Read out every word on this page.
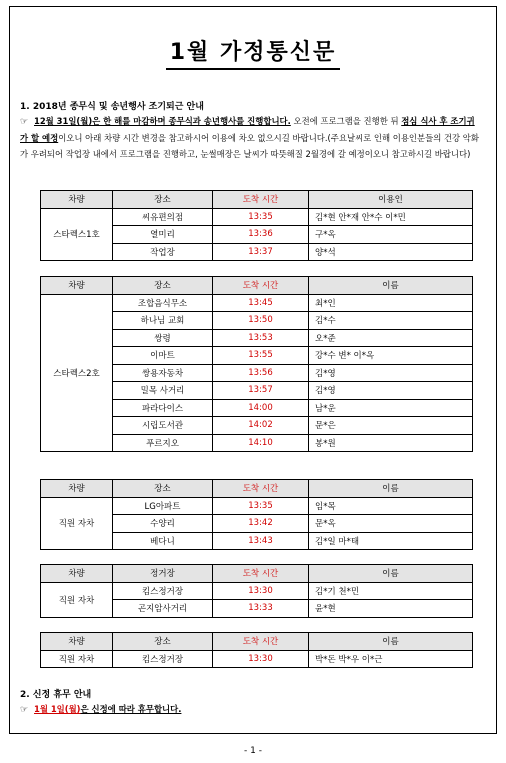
1월 가정통신문
1. 2018년 종무식 및 송년행사 조기퇴근 안내
☞ 12월 31일(월)은 한 해를 마감하며 종무식과 송년행사를 진행합니다. 오전에 프로그램을 진행한 뒤 점심 식사 후 조기귀가 할 예정이오니 아래 차량 시간 변경을 참고하시어 이용에 차오 없으시길 바랍니다.(주요날씨로 인해 이용인분들의 건강 악화가 우려되어 작업장 내에서 프로그램을 진행하고, 눈썰매장은 날씨가 따뜻해질 2월경에 갈 예정이오니 참고하시길 바랍니다)
차량	장소	도착 시간	이용인
스타렉스1호	씨유편의점	13:35	김*현 안*재 안*수 이*민
	열미리	13:36	구*옥
	작업장	13:37	양*석
차량	장소	도착 시간	이름
스타렉스2호	조합음식무소	13:45	최*인
	하나님 교회	13:50	김*수
	쌍령	13:53	오*준
	이마트	13:55	강*수 변* 이*옥
	쌍용자동차	13:56	김*영
	밀목 사거리	13:57	김*영
	파라다이스	14:00	남*운
	시립도서관	14:02	문*은
	푸르지오	14:10	봉*원
차량	장소	도착 시간	이름
직원 자차	LG아파트	13:35	임*목
	수양리	13:42	문*옥
	베다니	13:43	김*일 마*태
차량	정거장	도착 시간	이름
직원 자차	킴스정거장	13:30	김*기 천*민
	곤지암사거리	13:33	윤*현
차량	장소	도착 시간	이름
직원 자차	킴스정거장	13:30	박*돈 박*우 이*근
2. 신정 휴무 안내
☞ 1월 1일(월)은 신정에 따라 휴무합니다.
- 1 -
